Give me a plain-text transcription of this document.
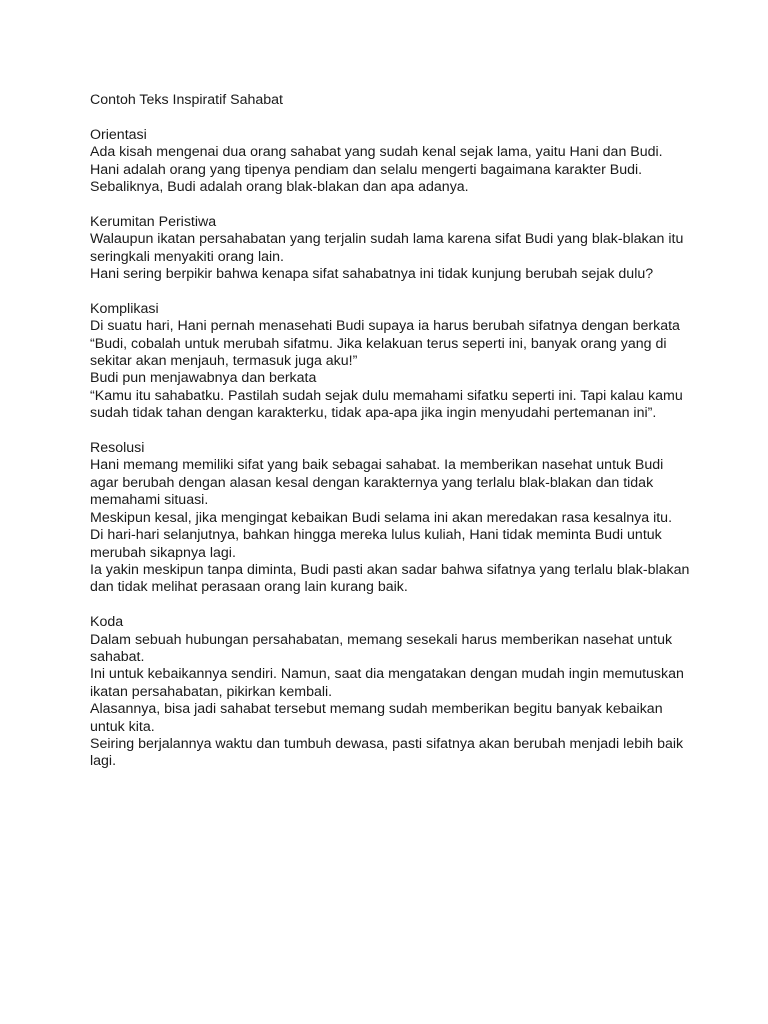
Contoh Teks Inspiratif Sahabat

Orientasi

Ada kisah mengenai dua orang sahabat yang sudah kenal sejak lama, yaitu Hani dan Budi.

Hani adalah orang yang tipenya pendiam dan selalu mengerti bagaimana karakter Budi.

Sebaliknya, Budi adalah orang blak-blakan dan apa adanya.

Kerumitan Peristiwa

Walaupun ikatan persahabatan yang terjalin sudah lama karena sifat Budi yang blak-blakan itu seringkali menyakiti orang lain.

Hani sering berpikir bahwa kenapa sifat sahabatnya ini tidak kunjung berubah sejak dulu?

Komplikasi

Di suatu hari, Hani pernah menasehati Budi supaya ia harus berubah sifatnya dengan berkata “Budi, cobalah untuk merubah sifatmu. Jika kelakuan terus seperti ini, banyak orang yang di sekitar akan menjauh, termasuk juga aku!”

Budi pun menjawabnya dan berkata

“Kamu itu sahabatku. Pastilah sudah sejak dulu memahami sifatku seperti ini. Tapi kalau kamu sudah tidak tahan dengan karakterku, tidak apa-apa jika ingin menyudahi pertemanan ini”.

Resolusi

Hani memang memiliki sifat yang baik sebagai sahabat. Ia memberikan nasehat untuk Budi agar berubah dengan alasan kesal dengan karakternya yang terlalu blak-blakan dan tidak memahami situasi.

Meskipun kesal, jika mengingat kebaikan Budi selama ini akan meredakan rasa kesalnya itu.

Di hari-hari selanjutnya, bahkan hingga mereka lulus kuliah, Hani tidak meminta Budi untuk merubah sikapnya lagi.

Ia yakin meskipun tanpa diminta, Budi pasti akan sadar bahwa sifatnya yang terlalu blak-blakan dan tidak melihat perasaan orang lain kurang baik.

Koda

Dalam sebuah hubungan persahabatan, memang sesekali harus memberikan nasehat untuk sahabat.

Ini untuk kebaikannya sendiri. Namun, saat dia mengatakan dengan mudah ingin memutuskan ikatan persahabatan, pikirkan kembali.

Alasannya, bisa jadi sahabat tersebut memang sudah memberikan begitu banyak kebaikan untuk kita.

Seiring berjalannya waktu dan tumbuh dewasa, pasti sifatnya akan berubah menjadi lebih baik lagi.
